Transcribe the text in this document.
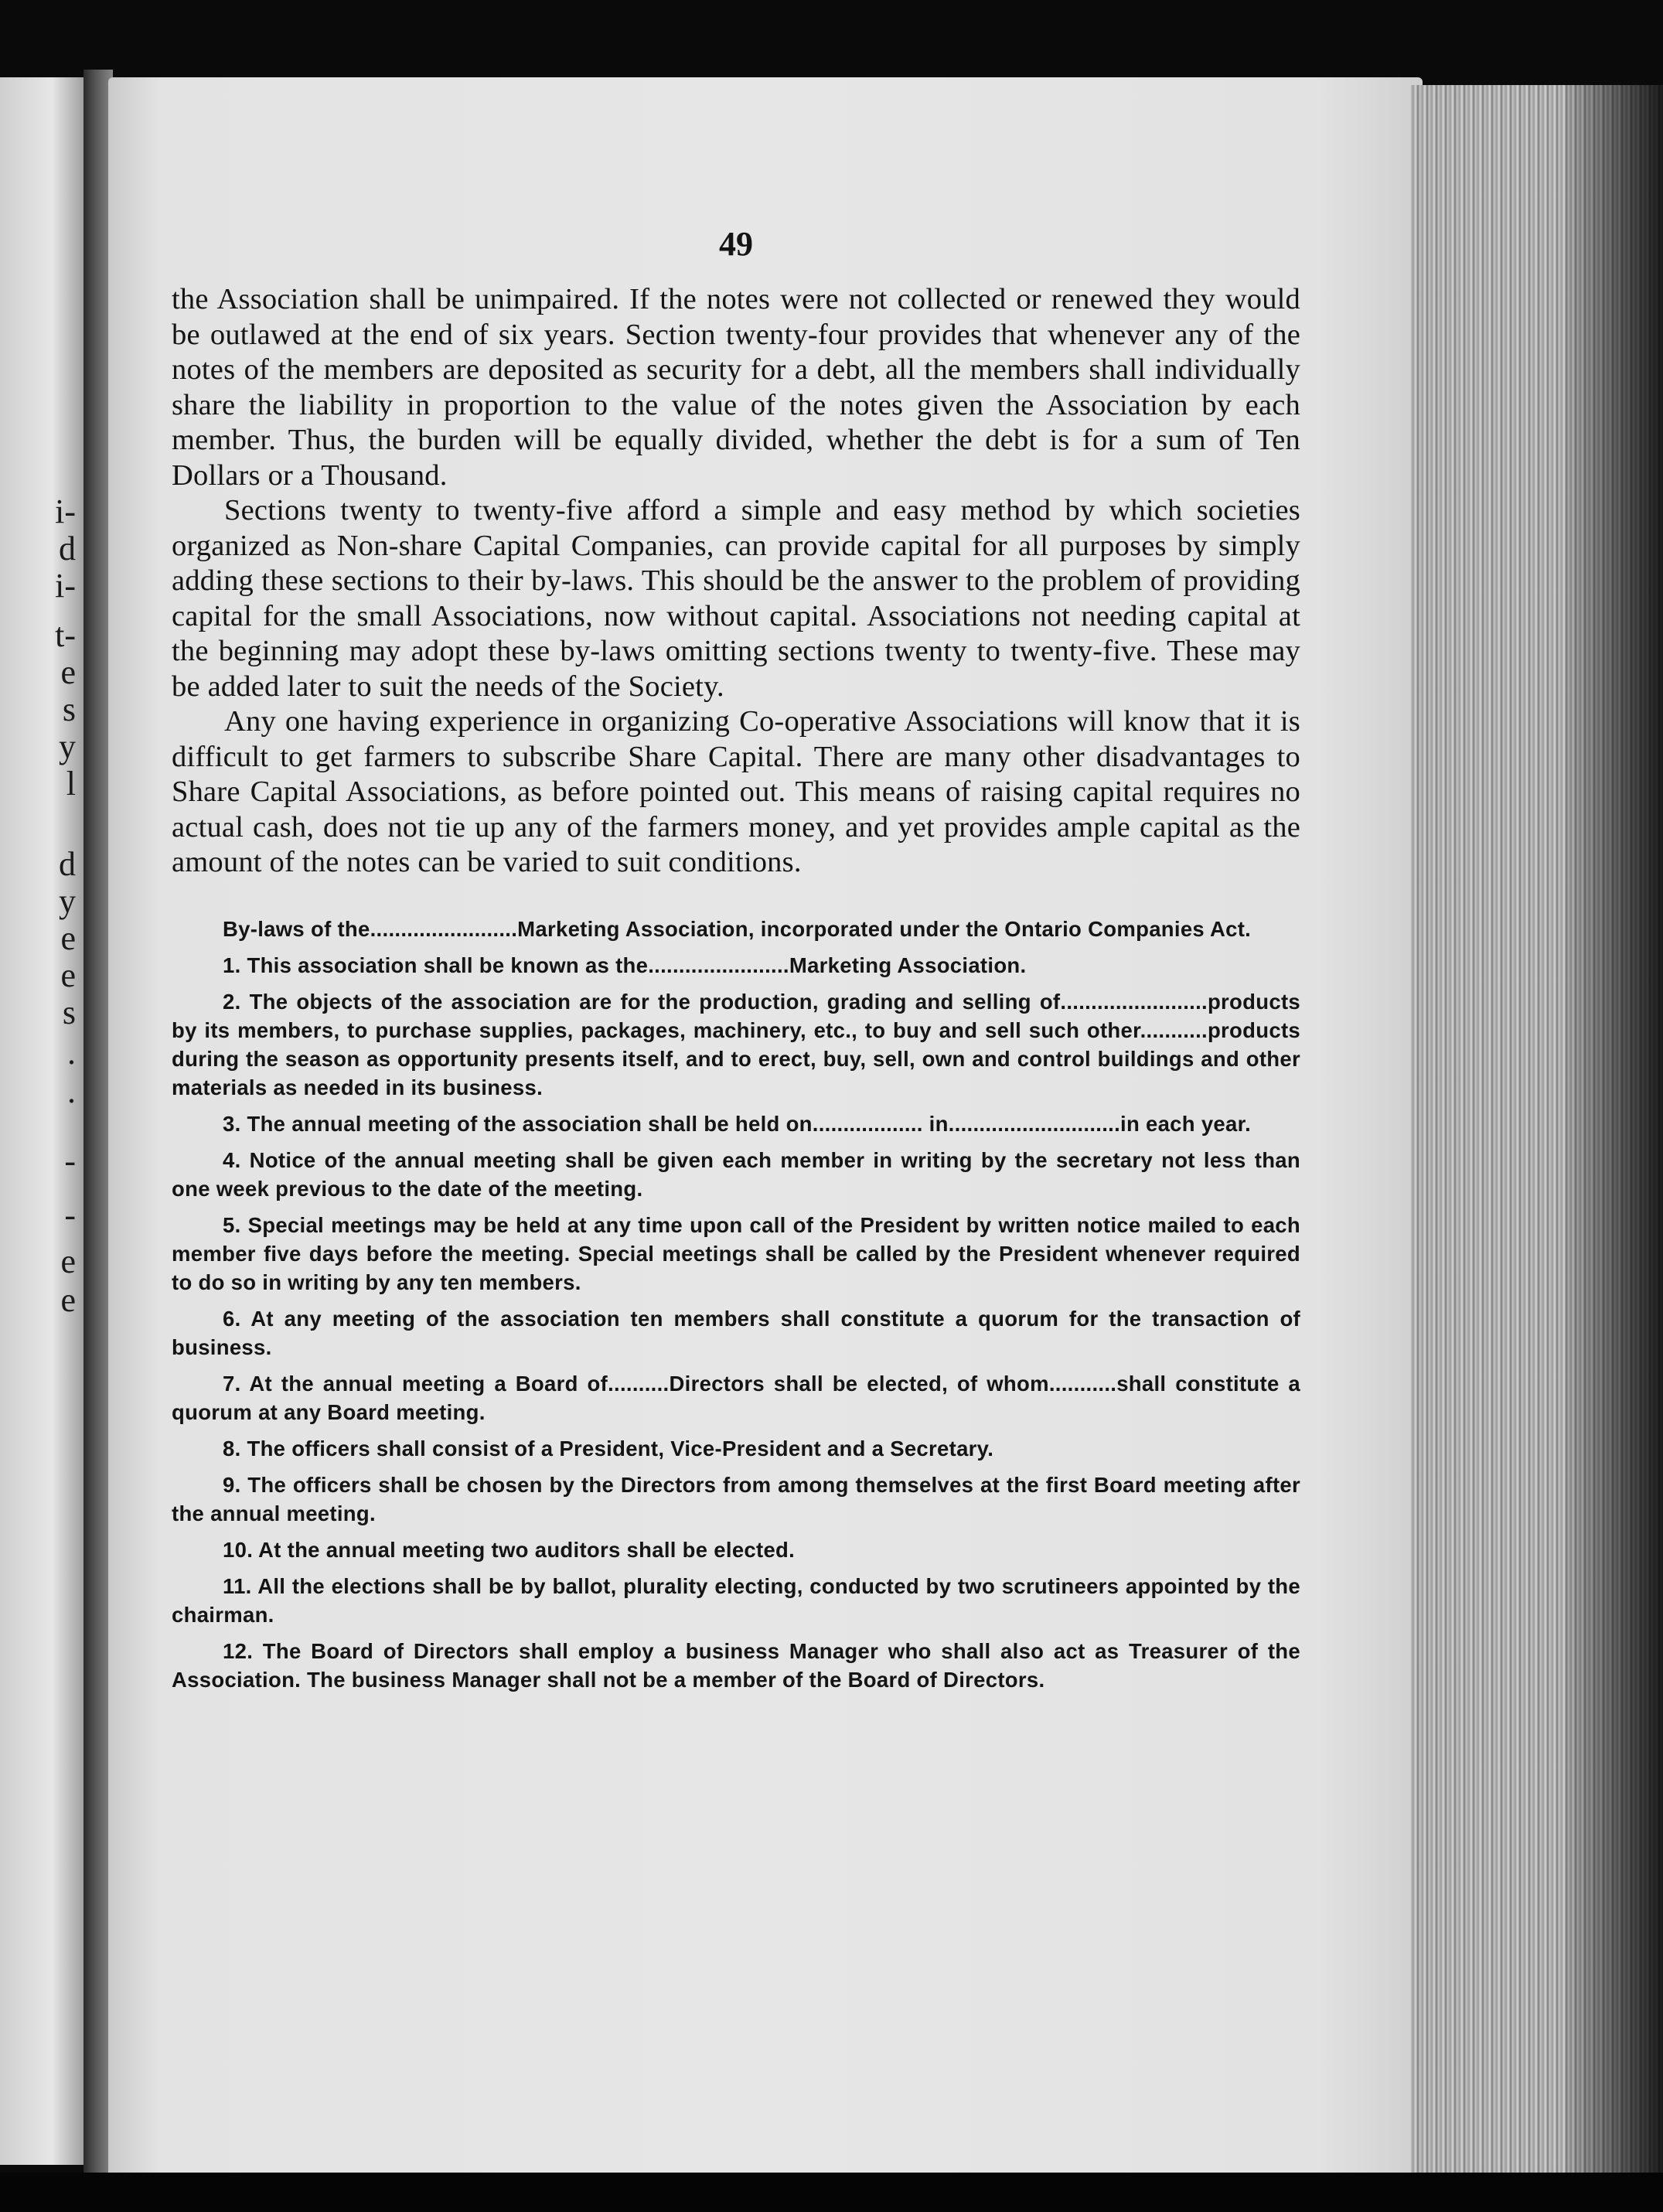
i-
d
i-
t-
e
s
y
l
d
y
e
e
s
.
.
-
-
e
e
49

the Association shall be unimpaired. If the notes were not collected or renewed they would be outlawed at the end of six years. Section twenty-four provides that whenever any of the notes of the members are deposited as security for a debt, all the members shall individually share the liability in proportion to the value of the notes given the Association by each member. Thus, the burden will be equally divided, whether the debt is for a sum of Ten Dollars or a Thousand.

Sections twenty to twenty-five afford a simple and easy method by which societies organized as Non-share Capital Companies, can provide capital for all purposes by simply adding these sections to their by-laws. This should be the answer to the problem of providing capital for the small Associations, now without capital. Associations not needing capital at the beginning may adopt these by-laws omitting sections twenty to twenty-five. These may be added later to suit the needs of the Society.

Any one having experience in organizing Co-operative Associations will know that it is difficult to get farmers to subscribe Share Capital. There are many other disadvantages to Share Capital Associations, as before pointed out. This means of raising capital requires no actual cash, does not tie up any of the farmers money, and yet provides ample capital as the amount of the notes can be varied to suit conditions.

By-laws of the........................Marketing Association, incorporated under the Ontario Companies Act.

1. This association shall be known as the.......................Marketing Association.

2. The objects of the association are for the production, grading and selling of........................products by its members, to purchase supplies, packages, machinery, etc., to buy and sell such other...........products during the season as opportunity presents itself, and to erect, buy, sell, own and control buildings and other materials as needed in its business.

3. The annual meeting of the association shall be held on.................. in............................in each year.

4. Notice of the annual meeting shall be given each member in writing by the secretary not less than one week previous to the date of the meeting.

5. Special meetings may be held at any time upon call of the President by written notice mailed to each member five days before the meeting. Special meetings shall be called by the President whenever required to do so in writing by any ten members.

6. At any meeting of the association ten members shall constitute a quorum for the transaction of business.

7. At the annual meeting a Board of..........Directors shall be elected, of whom...........shall constitute a quorum at any Board meeting.

8. The officers shall consist of a President, Vice-President and a Secretary.

9. The officers shall be chosen by the Directors from among themselves at the first Board meeting after the annual meeting.

10. At the annual meeting two auditors shall be elected.

11. All the elections shall be by ballot, plurality electing, conducted by two scrutineers appointed by the chairman.

12. The Board of Directors shall employ a business Manager who shall also act as Treasurer of the Association. The business Manager shall not be a member of the Board of Directors.
